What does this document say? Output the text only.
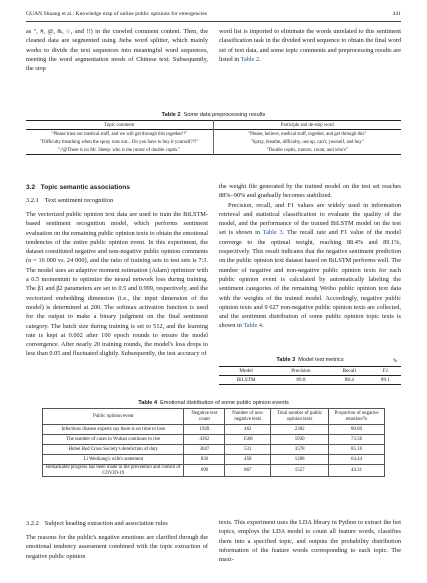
GUAN Shuang et al.: Knowledge map of online public opinions for emergencies	441

as ", #, @, &, ○, and !!) in the crawled comment content. Then, the cleaned data are segmented using Jieba word splitter, which mainly works to divide the text sequences into meaningful word sequences, meeting the word segmentation needs of Chinese text. Subsequently, the stop

word list is imported to eliminate the words unrelated to this sentiment classification task in the divided word sequence to obtain the final word set of text data, and some topic comments and preprocessing results are listed in Table 2.

Table 2 Some data preprocessing results
Topic comment	Participle and de-stop word
"Please trust our medical staff, and we will get through this together!!"	"Please, believe, medical staff, together, and get through this"
"Difficulty breathing when the spray runs out... Do you have to buy it yourself??!"	"Spray, breathe, difficulty, use up, can't, yourself, and buy"
"//@There is no Mr. Sheep: who is the rumor of double coptis."	"Double coptis, rumors, count, and who's"
3.2 Topic semantic associations
3.2.1 Text sentiment recognition

The vectorized public opinion text data are used to train the BiLSTM-based sentiment recognition model, which performs sentiment evaluation on the remaining public opinion texts to obtain the emotional tendencies of the entire public opinion event. In this experiment, the dataset constituted negative and non-negative public opinion comments (n = 16 000 vs. 24 000), and the ratio of training sets to test sets is 7:3. The model uses an adaptive moment estimation (Adam) optimizer with a 0.5 momentum to optimize the neural network loss during training. The β1 and β2 parameters are set to 0.5 and 0.999, respectively, and the vectorized embedding dimension (i.e., the input dimension of the model) is determined at 200. The softmax activation function is used for the output to make a binary judgment on the final sentiment category. The batch size during training is set to 512, and the learning rate is kept at 0.002 after 100 epoch rounds to ensure the model convergence. After nearly 20 training rounds, the model's loss drops to less than 0.05 and fluctuated slightly. Subsequently, the test accuracy of

the weight file generated by the trained model on the test set reaches 88%–90% and gradually becomes stabilized.

Precision, recall, and F1 values are widely used in information retrieval and statistical classification to evaluate the quality of the model, and the performance of the trained BiLSTM model on the test set is shown in Table 3. The recall rate and F1 value of the model converge to the optimal weight, reaching 88.4% and 89.1%, respectively. This result indicates that the negative sentiment prediction on the public opinion text dataset based on BiLSTM performs well. The number of negative and non-negative public opinion texts for each public opinion event is calculated by automatically labeling the sentiment categories of the remaining Weibo public opinion text data with the weights of the trained model. Accordingly, negative public opinion texts and 9 627 non-negative public opinion texts are collected, and the sentiment distribution of some public opinion topic texts is shown in Table 4.

Table 3 Model test metrics	%
Model	Precision	Recall	F1
BiLSTM	89.8	88.4	89.1
Table 4 Emotional distribution of some public opinion events
Public opinion event	Negative text count	Number of non-negative texts	Total number of public opinion texts	Proportion of negative emotion/%
Infectious disease experts say there is no time to lose	1920	462	2382	80.60
The number of cases in Wuhan continues to rise	4362	1568	5930	73.56
Hubei Red Cross Society's dereliction of duty	3047	531	3578	85.16
Li Wenliang's wife's statement	830	458	1288	64.44
Remarkable progress has been made in the prevention and control of COVID-19	690	867	1557	44.31
3.2.2 Subject heading extraction and association rules

The reasons for the public's negative emotions are clarified through the emotional tendency assessment combined with the topic extraction of negative public opinion

texts. This experiment uses the LDA library in Python to extract the hot topics, employs the LDA model to count all feature words, classifies them into a specified topic, and outputs the probability distribution information of the feature words corresponding to each topic. The maxi-
